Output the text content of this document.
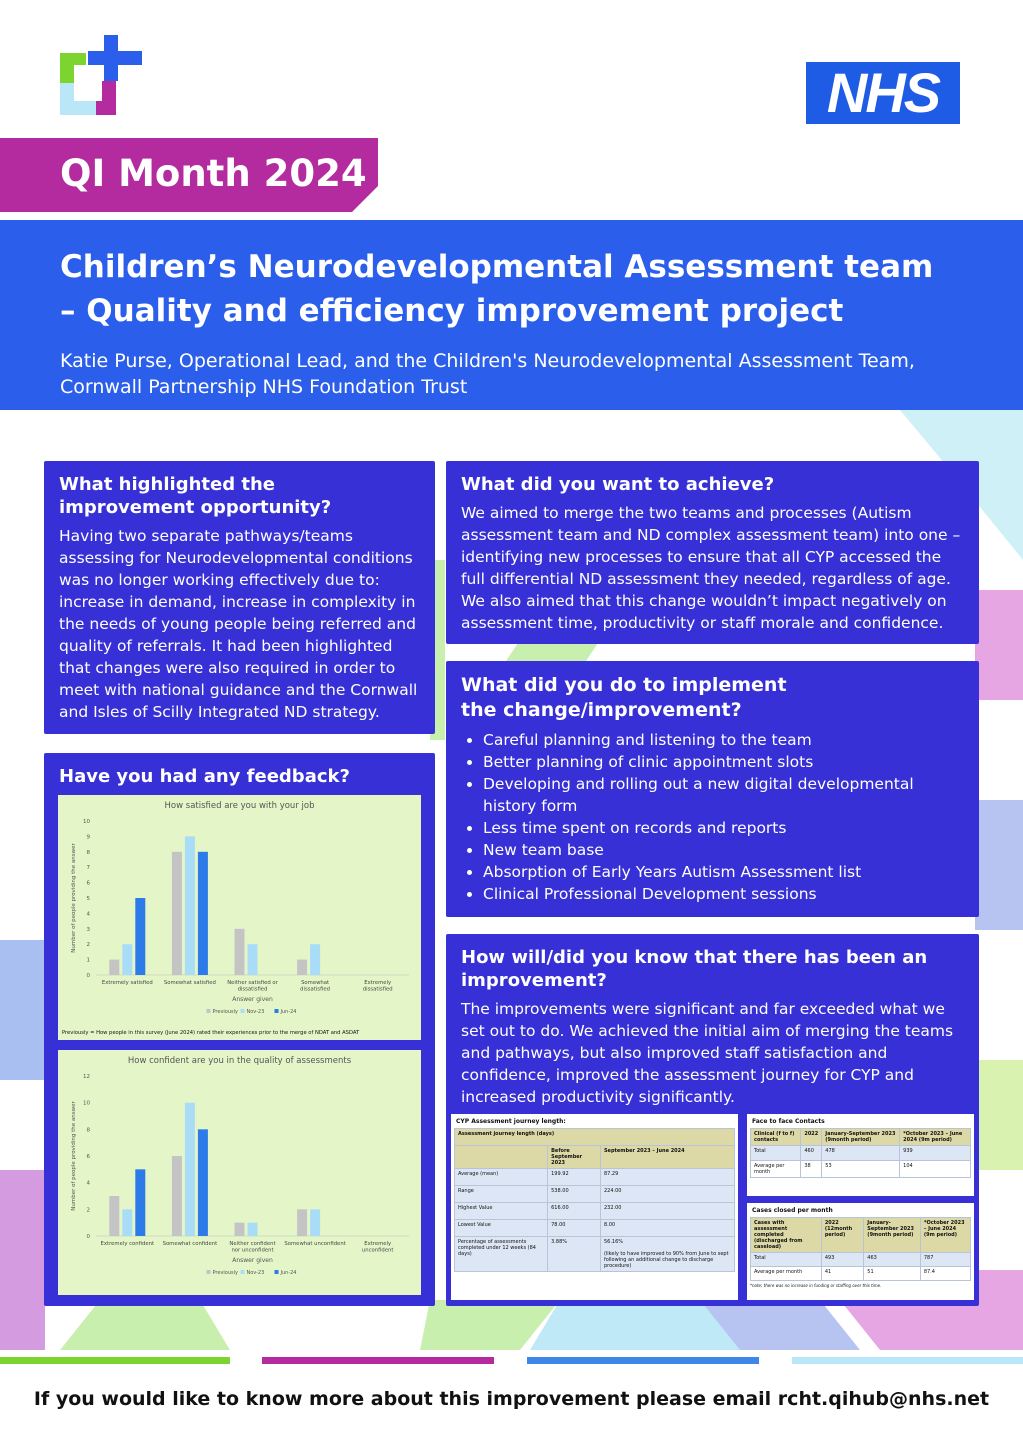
NHS
QI Month 2024
Children’s Neurodevelopmental Assessment team
– Quality and efficiency improvement project

Katie Purse, Operational Lead, and the Children's Neurodevelopmental Assessment Team,
Cornwall Partnership NHS Foundation Trust

What highlighted the
improvement opportunity?

Having two separate pathways/teams assessing for Neurodevelopmental conditions was no longer working effectively due to: increase in demand, increase in complexity in the needs of young people being referred and quality of referrals. It had been highlighted that changes were also required in order to meet with national guidance and the Cornwall and Isles of Scilly Integrated ND strategy.

What did you want to achieve?

We aimed to merge the two teams and processes (Autism assessment team and ND complex assessment team) into one – identifying new processes to ensure that all CYP accessed the full differential ND assessment they needed, regardless of age. We also aimed that this change wouldn’t impact negatively on assessment time, productivity or staff morale and confidence.

What did you do to implement
the change/improvement?
• Careful planning and listening to the team
• Better planning of clinic appointment slots
• Developing and rolling out a new digital developmental history form
• Less time spent on records and reports
• New team base
• Absorption of Early Years Autism Assessment list
• Clinical Professional Development sessions
Have you had any feedback?
How satisfied are you with your job
0
1
2
3
4
5
6
7
8
9
10
Number of people providing the answer
Extremely satisfied Somewhat satisfied Neither satisfied or
dissatisfied
Somewhat
dissatisfied
Extremely
dissatisfied
Answer given
Previously Nov-23	Jun-24
Previously = How people in this survey (June 2024) rated their experiences prior to the merge of NDAT and ASDAT
How confident are you in the quality of assessments
0
2
4
6
8
10
12
Number of people providing the answer
Extremely confident Somewhat confident Neither confident
nor unconfident
Somewhat unconfident	Extremely
unconfident
Answer given
Previously Nov-23	Jun-24
How will/did you know that there has been an
improvement?

The improvements were significant and far exceeded what we set out to do. We achieved the initial aim of merging the teams and pathways, but also improved staff satisfaction and confidence, improved the assessment journey for CYP and increased productivity significantly.

CYP Assessment journey length:
Assessment journey length (days)		
	Before September 2023	September 2023 – June 2024
Average (mean)	199.92	87.29
Range	538.00	224.00
Highest Value	616.00	232.00
Lowest Value	78.00	8.00
Percentage of assessments completed under 12 weeks (84 days)	3.88%	56.16%

(likely to have improved to 90% from June to sept following an additional change to discharge procedure)
Face to face Contacts
Clinical (f to f) contacts	2022	January-September 2023 (9month period)	*October 2023 – June 2024 (9m period)
Total	460	478	939
Average per month	38	53	104
Cases closed per month
Cases with assessment completed (discharged from caseload)	2022 (12month period)	January-September 2023 (9month period)	*October 2023 – June 2024 (9m period)
Total	493	463	787
Average per month	41	51	87.4
*note; there was no increase in funding or staffing over this time.

If you would like to know more about this improvement please email rcht.qihub@nhs.net
